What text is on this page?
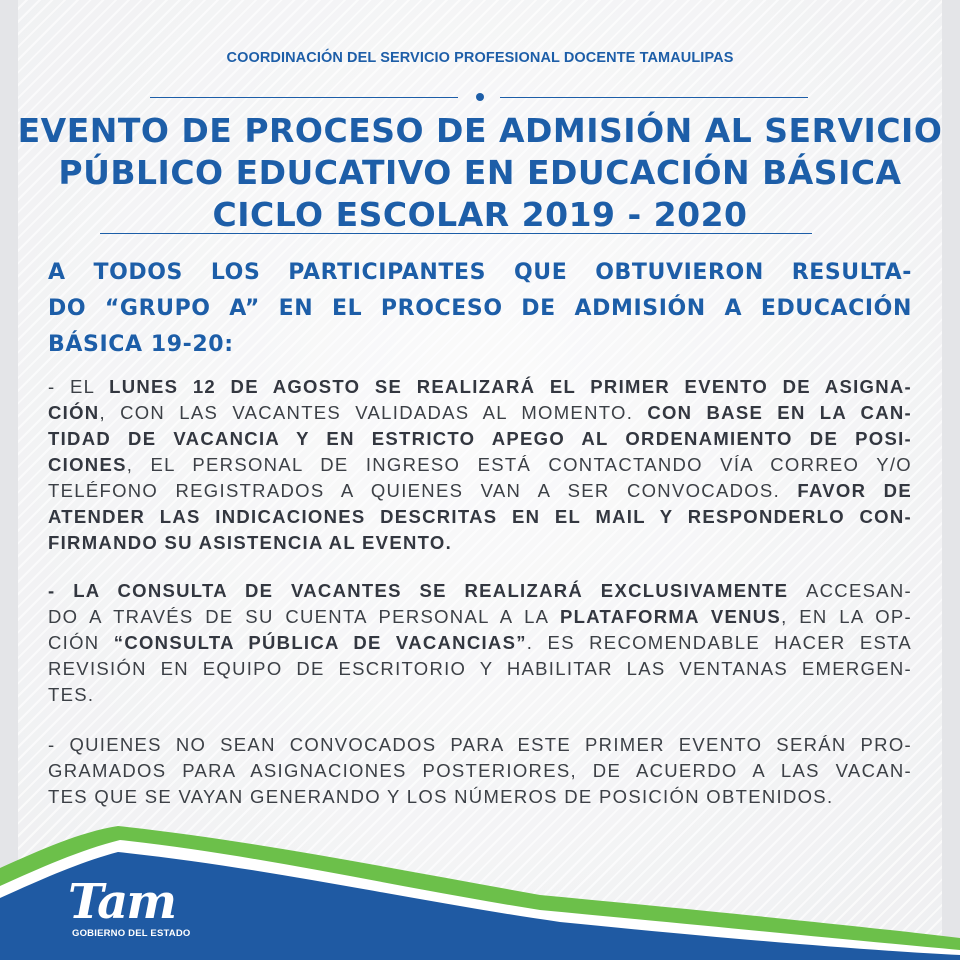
COORDINACIÓN DEL SERVICIO PROFESIONAL DOCENTE TAMAULIPAS
EVENTO DE PROCESO DE ADMISIÓN AL SERVICIO
PÚBLICO EDUCATIVO EN EDUCACIÓN BÁSICA
CICLO ESCOLAR 2019 - 2020
A TODOS LOS PARTICIPANTES QUE OBTUVIERON RESULTA-
DO “GRUPO A” EN EL PROCESO DE ADMISIÓN A EDUCACIÓN
BÁSICA 19-20:
- EL LUNES 12 DE AGOSTO SE REALIZARÁ EL PRIMER EVENTO DE ASIGNA-
CIÓN, CON LAS VACANTES VALIDADAS AL MOMENTO. CON BASE EN LA CAN-
TIDAD DE VACANCIA Y EN ESTRICTO APEGO AL ORDENAMIENTO DE POSI-
CIONES, EL PERSONAL DE INGRESO ESTÁ CONTACTANDO VÍA CORREO Y/O
TELÉFONO REGISTRADOS A QUIENES VAN A SER CONVOCADOS. FAVOR DE
ATENDER LAS INDICACIONES DESCRITAS EN EL MAIL Y RESPONDERLO CON-
FIRMANDO SU ASISTENCIA AL EVENTO.
- LA CONSULTA DE VACANTES SE REALIZARÁ EXCLUSIVAMENTE ACCESAN-
DO A TRAVÉS DE SU CUENTA PERSONAL A LA PLATAFORMA VENUS, EN LA OP-
CIÓN “CONSULTA PÚBLICA DE VACANCIAS”. ES RECOMENDABLE HACER ESTA
REVISIÓN EN EQUIPO DE ESCRITORIO Y HABILITAR LAS VENTANAS EMERGEN-
TES.
- QUIENES NO SEAN CONVOCADOS PARA ESTE PRIMER EVENTO SERÁN PRO-
GRAMADOS PARA ASIGNACIONES POSTERIORES, DE ACUERDO A LAS VACAN-
TES QUE SE VAYAN GENERANDO Y LOS NÚMEROS DE POSICIÓN OBTENIDOS.
Tam
GOBIERNO DEL ESTADO
